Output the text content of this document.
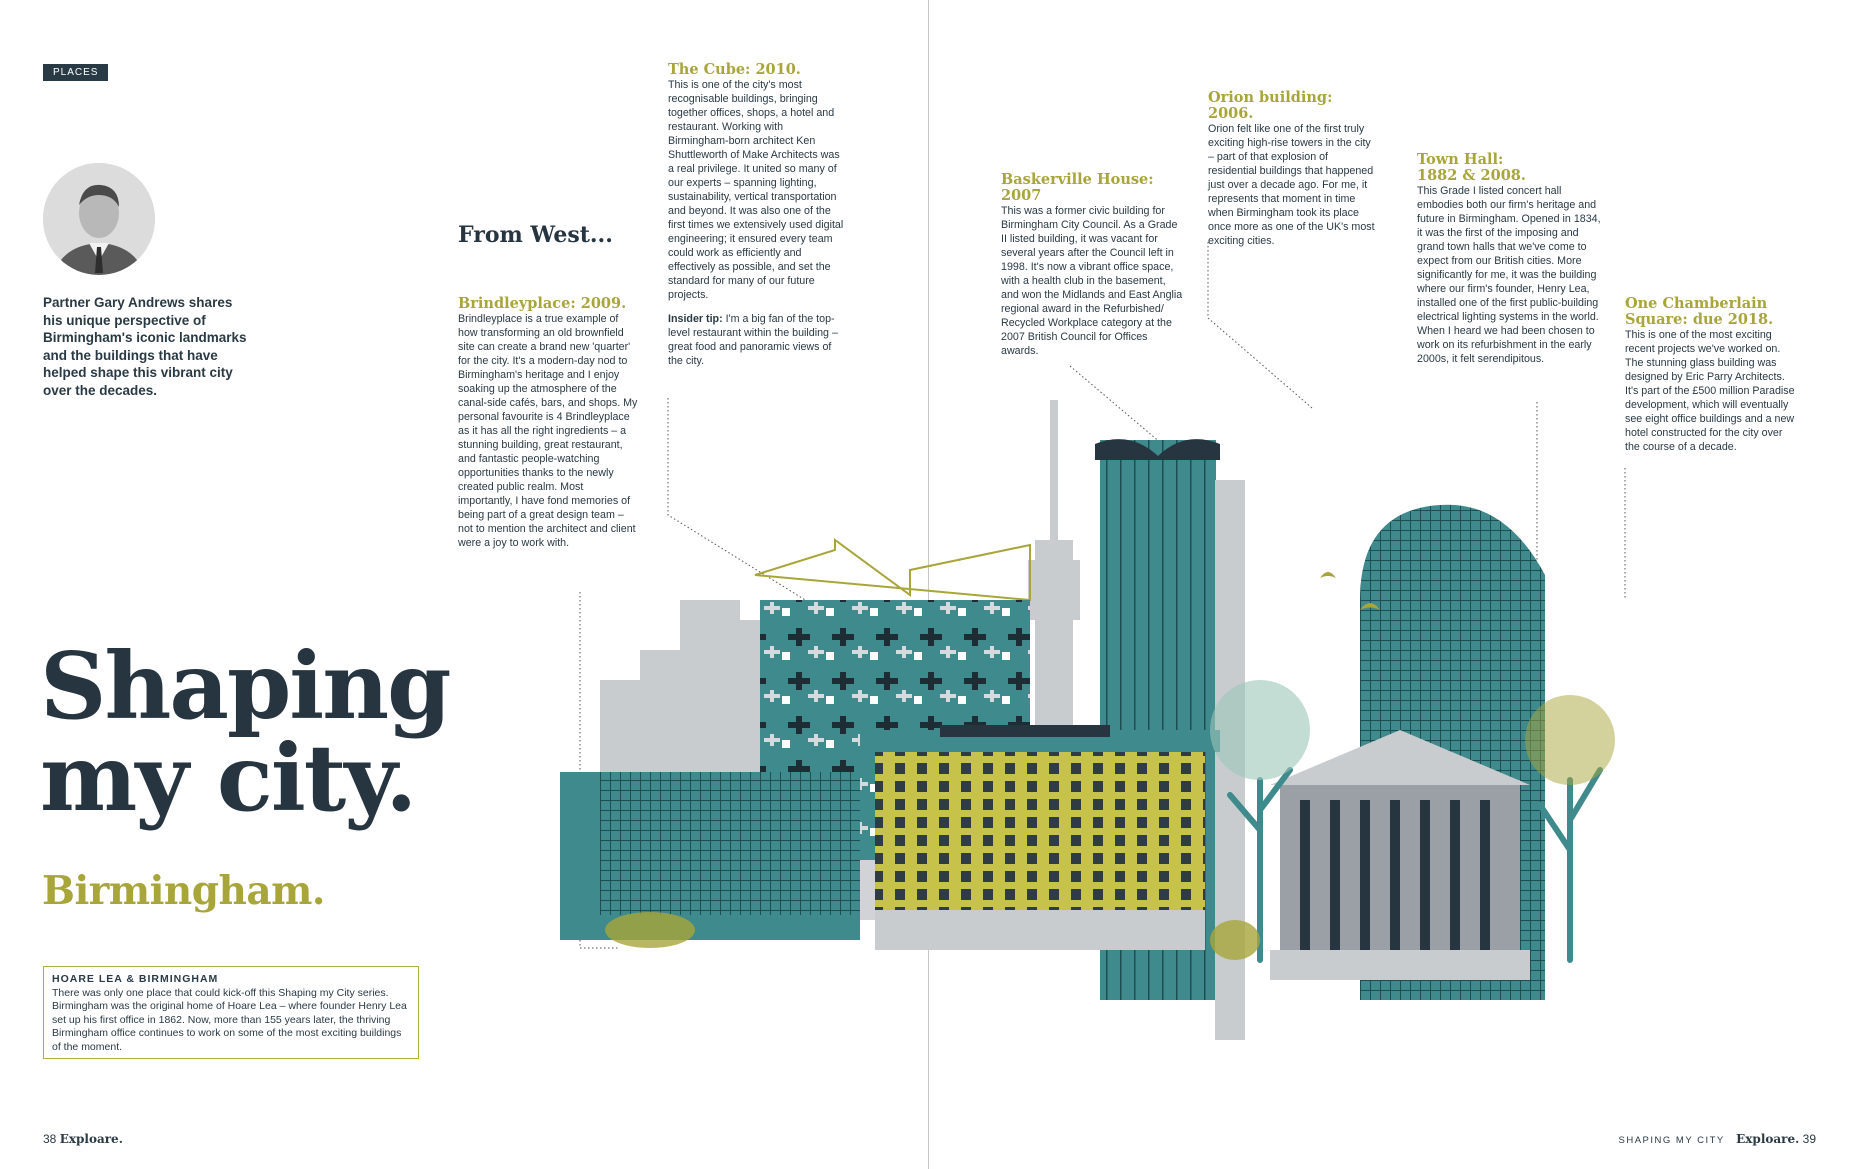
PLACES
Partner Gary Andrews shares his unique perspective of Birmingham's iconic landmarks and the buildings that have helped shape this vibrant city over the decades.
Shaping
my city.
Birmingham.
HOARE LEA & BIRMINGHAM
There was only one place that could kick-off this Shaping my City series. Birmingham was the original home of Hoare Lea – where founder Henry Lea set up his first office in 1862. Now, more than 155 years later, the thriving Birmingham office continues to work on some of the most exciting buildings of the moment.
From West...
Brindleyplace: 2009.
Brindleyplace is a true example of how transforming an old brownfield site can create a brand new 'quarter' for the city. It's a modern-day nod to Birmingham's heritage and I enjoy soaking up the atmosphere of the canal-side cafés, bars, and shops. My personal favourite is 4 Brindleyplace as it has all the right ingredients – a stunning building, great restaurant, and fantastic people-watching opportunities thanks to the newly created public realm. Most importantly, I have fond memories of being part of a great design team – not to mention the architect and client were a joy to work with.
The Cube: 2010.
This is one of the city's most recognisable buildings, bringing together offices, shops, a hotel and restaurant. Working with Birmingham-born architect Ken Shuttleworth of Make Architects was a real privilege. It united so many of our experts – spanning lighting, sustainability, vertical transportation and beyond. It was also one of the first times we extensively used digital engineering; it ensured every team could work as efficiently and effectively as possible, and set the standard for many of our future projects.
Insider tip: I'm a big fan of the top-level restaurant within the building – great food and panoramic views of the city.
Baskerville House: 2007
This was a former civic building for Birmingham City Council. As a Grade II listed building, it was vacant for several years after the Council left in 1998. It's now a vibrant office space, with a health club in the basement, and won the Midlands and East Anglia regional award in the Refurbished/ Recycled Workplace category at the 2007 British Council for Offices awards.
Orion building: 2006.
Orion felt like one of the first truly exciting high-rise towers in the city – part of that explosion of residential buildings that happened just over a decade ago. For me, it represents that moment in time when Birmingham took its place once more as one of the UK's most exciting cities.
Town Hall:
1882 & 2008.
This Grade I listed concert hall embodies both our firm's heritage and future in Birmingham. Opened in 1834, it was the first of the imposing and grand town halls that we've come to expect from our British cities. More significantly for me, it was the building where our firm's founder, Henry Lea, installed one of the first public-building electrical lighting systems in the world. When I heard we had been chosen to work on its refurbishment in the early 2000s, it felt serendipitous.
One Chamberlain
Square: due 2018.
This is one of the most exciting recent projects we've worked on. The stunning glass building was designed by Eric Parry Architects. It's part of the £500 million Paradise development, which will eventually see eight office buildings and a new hotel constructed for the city over the course of a decade.
38 Exploare.	SHAPING MY CITY Exploare. 39
